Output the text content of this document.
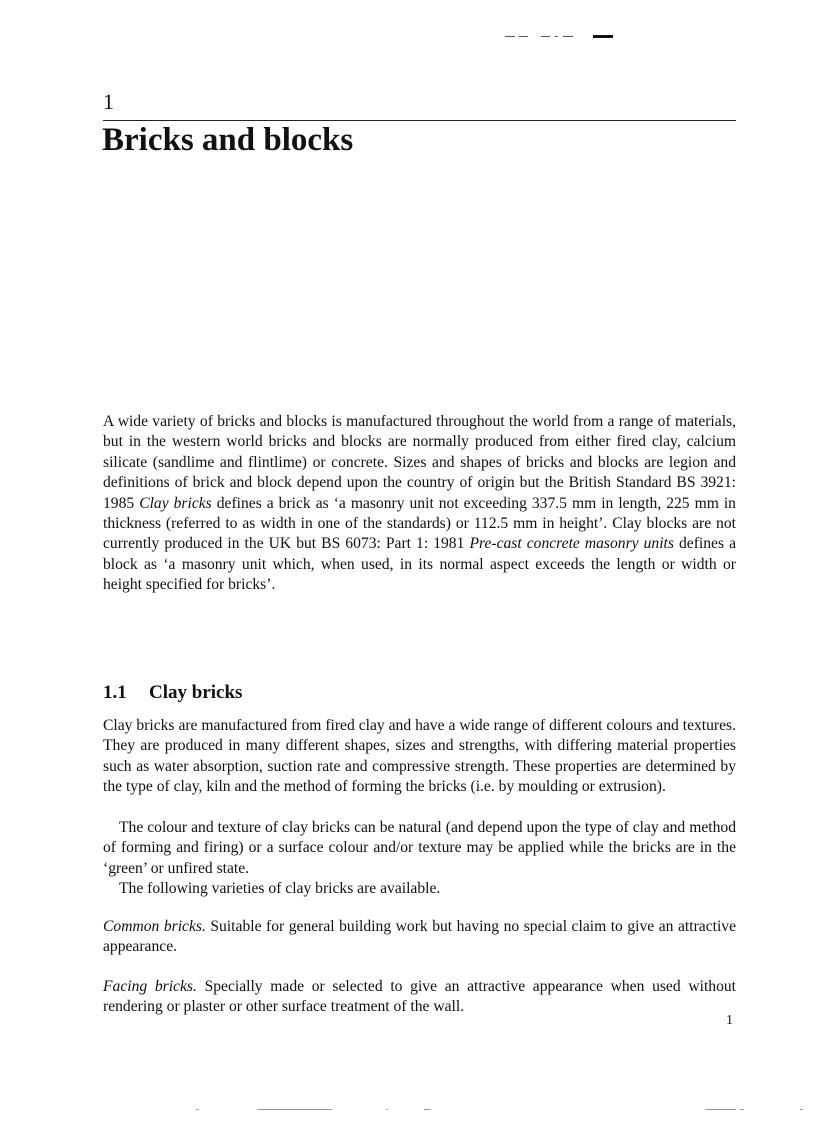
1
Bricks and blocks

A wide variety of bricks and blocks is manufactured throughout the world from a range of materials, but in the western world bricks and blocks are normally produced from either fired clay, calcium silicate (sandlime and flintlime) or concrete. Sizes and shapes of bricks and blocks are legion and definitions of brick and block depend upon the country of origin but the British Standard BS 3921: 1985 Clay bricks defines a brick as ‘a masonry unit not exceeding 337.5 mm in length, 225 mm in thickness (referred to as width in one of the standards) or 112.5 mm in height’. Clay blocks are not currently produced in the UK but BS 6073: Part 1: 1981 Pre-cast concrete masonry units defines a block as ‘a masonry unit which, when used, in its normal aspect exceeds the length or width or height specified for bricks’.

1.1 Clay bricks

Clay bricks are manufactured from fired clay and have a wide range of different colours and textures. They are produced in many different shapes, sizes and strengths, with differing material properties such as water absorption, suction rate and compressive strength. These properties are determined by the type of clay, kiln and the method of forming the bricks (i.e. by moulding or extrusion).

The colour and texture of clay bricks can be natural (and depend upon the type of clay and method of forming and firing) or a surface colour and/or texture may be applied while the bricks are in the ‘green’ or unfired state.

The following varieties of clay bricks are available.

Common bricks. Suitable for general building work but having no special claim to give an attractive appearance.

Facing bricks. Specially made or selected to give an attractive appearance when used without rendering or plaster or other surface treatment of the wall.

1
